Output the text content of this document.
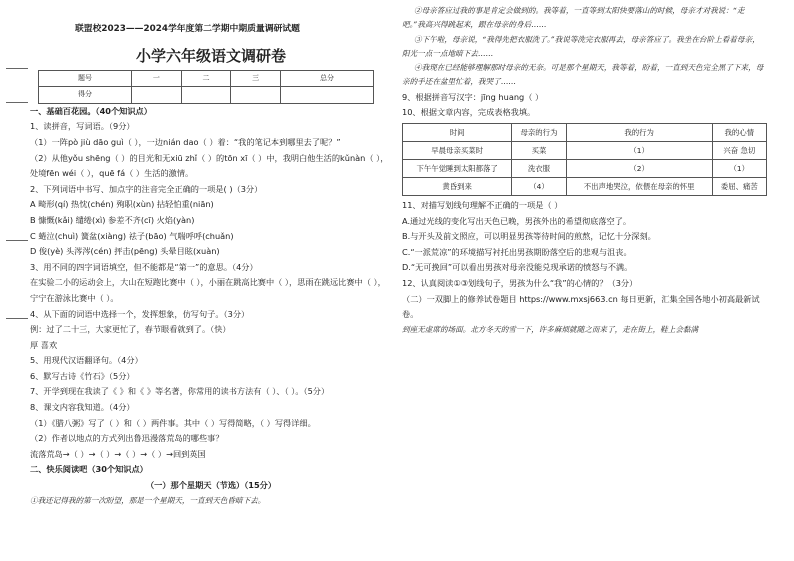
联盟校2023——2024学年度第二学期中期质量调研试题

小学六年级语文调研卷

题号	一	二	三	总分
得分				

一、基础百花园。（40个知识点）

1、读拼音，写词语。（9分）

（1）一阵pò jiù dāo guì（ ），一边nián dao（ ）着：“我的笔记本到哪里去了呢？”

（2）从他yǒu shēng（ ）的目光和无xiū zhǐ（ ）的tōn xī（ ）中，我明白他生活的kǔnàn（ ），处境fēn wéi（ ），quē fá（ ）生活的激情。

2、下列词语中书写、加点字的注音完全正确的一项是( )（3分）

A 畸形(qí) 热忱(chén) 殉职(xùn) 拈轻怕重(niān)

B 慷慨(kǎi) 缱绻(xì) 参差不齐(cī) 火焰(yàn)

C 蜷泣(chuì) 簧盆(xiàng) 祛子(bāo) 气喘呼呼(chuǎn)

D 俊(yè) 头涔涔(cén) 抨击(pēng) 头晕目眩(xuàn)

3、用不同的四字词语填空，但不能都是“第一”的意思。（4分）

在实验二小的运动会上，大山在短跑比赛中（ ），小丽在跳高比赛中（ ），思雨在跳远比赛中（ ），宁宁在游泳比赛中（ ）。

4、从下面的词语中选择一个，发挥想象，仿写句子。（3分）

例：过了二十三，大家更忙了，春节眼看就到了。（快）

厚 喜欢

5、用现代汉语翻译句。（4分）

6、默写古诗《竹石》（5分）

7、开学到现在我读了《 》和《 》等名著，你常用的读书方法有（ ）、（ ）。（5分）

8、课文内容我知道。（4分）

（1）《腊八粥》写了（ ）和（ ）两件事。其中（ ）写得简略，（ ）写得详细。

（2）作者以地点的方式列出鲁迅漫落荒岛的哪些事？

流落荒岛→（ ）→（ ）→（ ）→（ ）→回到英国

二、快乐阅读吧（30个知识点）

（一）那个星期天（节选）（15分）

①我还记得我的第一次盼望，那是一个星期天，一直到天色昏暗下去。

②母亲答应过我的事是肯定会做到的。我等着，一直等到太阳快要落山的时候，母亲才对我说：“走吧。”我高兴得跳起来，跟在母亲的身后……

③下午啦，母亲说，“我得先把衣服洗了。”我说等洗完衣服再去，母亲答应了。我坐在台阶上看着母亲，阳光一点一点地暗下去……

④我现在已经能够理解那时母亲的无奈。可是那个星期天，我等着，盼着，一直到天色完全黑了下来，母亲的手还在盆里忙着，我哭了……

9、根据拼音写汉字：jīng huang（ ）

10、根据文章内容，完成表格我填。

时间	母亲的行为	我的行为	我的心情
早晨母亲买菜时	买菜	（1）	兴奋 急切
下午午觉睡到太阳都落了	洗衣服	（2）	（1）
黄昏到来	（4）	不出声地哭泣，依偎在母亲的怀里	委屈、痛苦

11、对描写划线句理解不正确的一项是（ ）

A.通过光线的变化写出天色已晚，男孩外出的希望彻底落空了。

B.与开头及前文照应，可以明显男孩等待时间的煎熬，记忆十分深刻。

C.“一派荒凉”的环境描写衬托出男孩期盼落空后的悲观与沮丧。

D.“无可挽回”可以看出男孩对母亲没能兑现承诺的愤怒与不满。

12、认真阅读①③划线句子，男孩为什么“我”的心情的？（3分）

（二）一双脚上的修养试卷题目 https://www.mxsj663.cn 每日更新，汇集全国各地小初高最新试卷。

到座无虚席的场面。北方冬天的雪一下，许多麻烦就随之而来了，走在街上，鞋上会黏满
